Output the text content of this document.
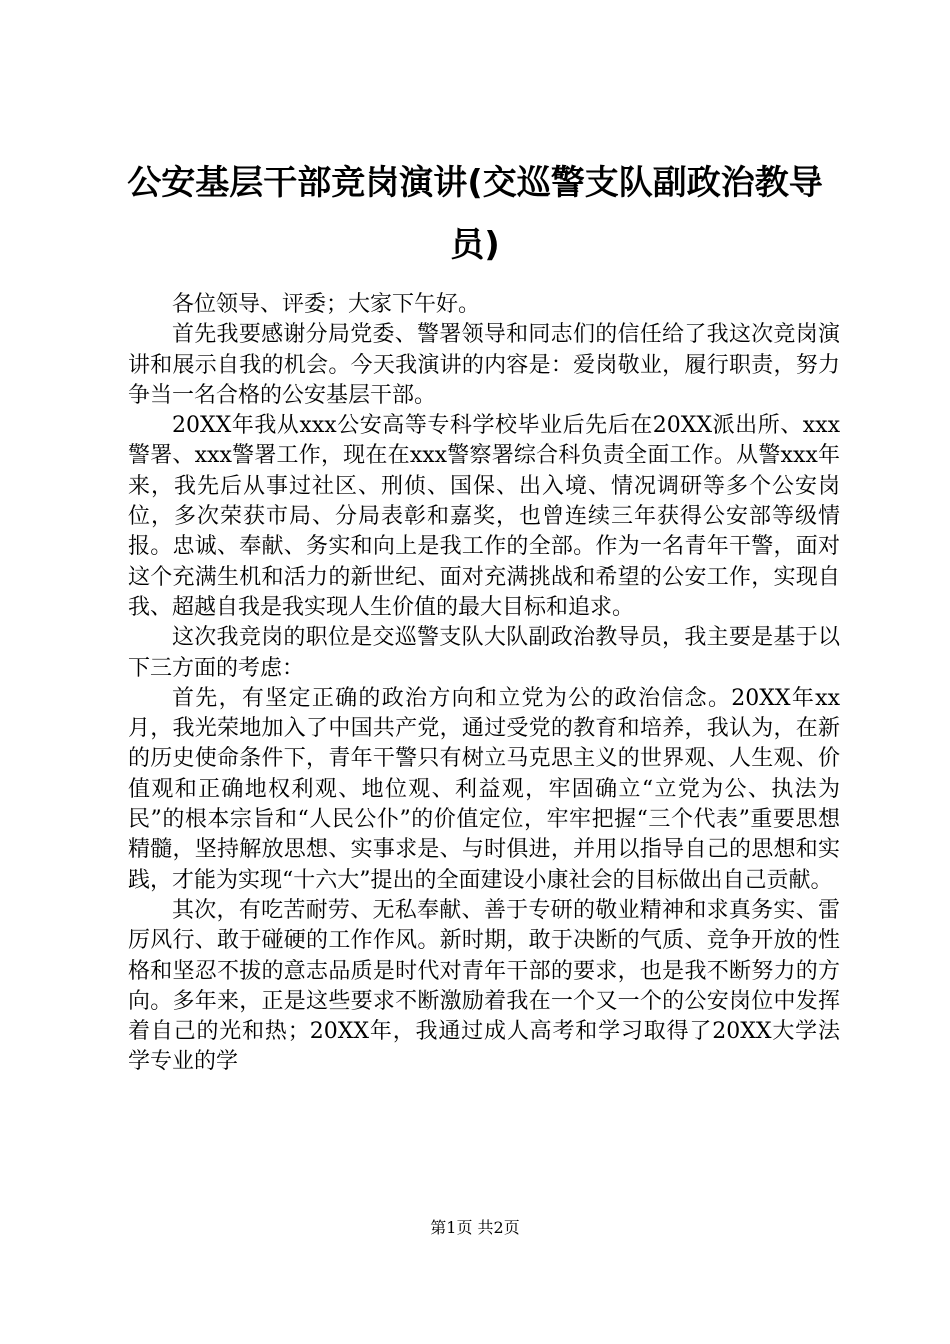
公安基层干部竞岗演讲(交巡警支队副政治教导员)

各位领导、评委；大家下午好。

首先我要感谢分局党委、警署领导和同志们的信任给了我这次竞岗演讲和展示自我的机会。今天我演讲的内容是：爱岗敬业，履行职责，努力争当一名合格的公安基层干部。

20XX年我从xxx公安高等专科学校毕业后先后在20XX派出所、xxx警署、xxx警署工作，现在在xxx警察署综合科负责全面工作。从警xxx年来，我先后从事过社区、刑侦、国保、出入境、情况调研等多个公安岗位，多次荣获市局、分局表彰和嘉奖，也曾连续三年获得公安部等级情报。忠诚、奉献、务实和向上是我工作的全部。作为一名青年干警，面对这个充满生机和活力的新世纪、面对充满挑战和希望的公安工作，实现自我、超越自我是我实现人生价值的最大目标和追求。

这次我竞岗的职位是交巡警支队大队副政治教导员，我主要是基于以下三方面的考虑：

首先，有坚定正确的政治方向和立党为公的政治信念。20XX年xx月，我光荣地加入了中国共产党，通过受党的教育和培养，我认为，在新的历史使命条件下，青年干警只有树立马克思主义的世界观、人生观、价值观和正确地权利观、地位观、利益观，牢固确立“立党为公、执法为民”的根本宗旨和“人民公仆”的价值定位，牢牢把握“三个代表”重要思想精髓，坚持解放思想、实事求是、与时俱进，并用以指导自己的思想和实践，才能为实现“十六大”提出的全面建设小康社会的目标做出自己贡献。

其次，有吃苦耐劳、无私奉献、善于专研的敬业精神和求真务实、雷厉风行、敢于碰硬的工作作风。新时期，敢于决断的气质、竞争开放的性格和坚忍不拔的意志品质是时代对青年干部的要求，也是我不断努力的方向。多年来，正是这些要求不断激励着我在一个又一个的公安岗位中发挥着自己的光和热；20XX年，我通过成人高考和学习取得了20XX大学法学专业的学

第1页 共2页
